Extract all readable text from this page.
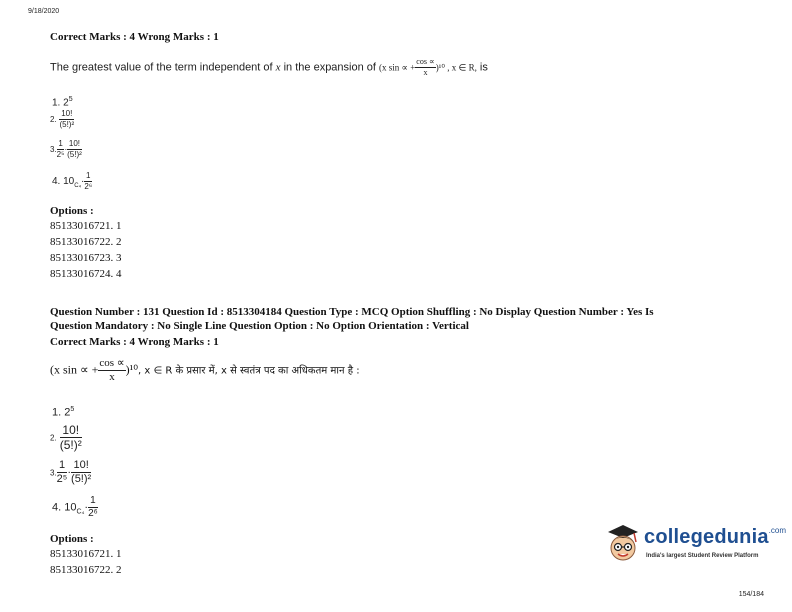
9/18/2020
Correct Marks : 4 Wrong Marks : 1
The greatest value of the term independent of x in the expansion of (x sin ∝ + $\frac{\cos \propto}{x} )^{10}$ , x ∈ R, is
1. $2^5$
2. $\frac{10!}{\text{(5!)²}}$
3. $\frac{1}{\text{2⁵}} \cdot \frac{10!}{\text{(5!)²}}$
4. $10_{C_4}\cdot \frac{1}{\text{2⁶}}$
Options :
85133016721. 1
85133016722. 2
85133016723. 3
85133016724. 4
Question Number : 131 Question Id : 8513304184 Question Type : MCQ Option Shuffling : No Display Question Number : Yes Is
Question Mandatory : No Single Line Question Option : No Option Orientation : Vertical
Correct Marks : 4 Wrong Marks : 1
(x sin ∝ + $\frac{\cos \propto}{x} )^{10}$, x ∈ R के प्रसार में, x से स्वतंत्र पद का अधिकतम मान है :
1. $2^5$
2. $\frac{10!}{\text{(5!)²}}$
3. $\frac{1}{\text{2⁵}} \cdot \frac{10!}{\text{(5!)²}}$
4. $10_{C_4}\cdot \frac{1}{\text{2⁶}}$
Options :
85133016721. 1
85133016722. 2
collegedunia$^{.com}$
India's largest Student Review Platform
154/184
